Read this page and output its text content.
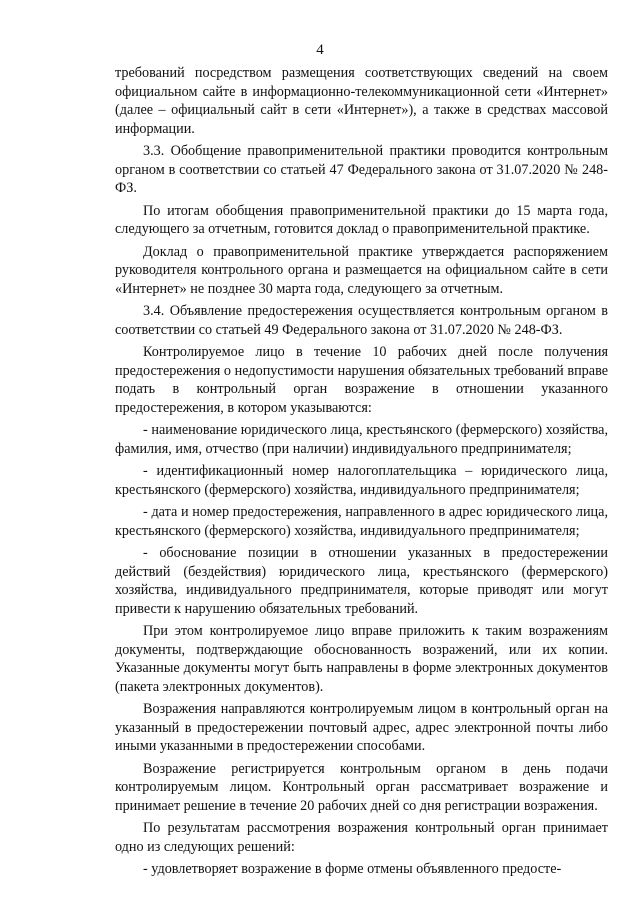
4

требований посредством размещения соответствующих сведений на своем официальном сайте в информационно-телекоммуникационной сети «Интернет» (далее – официальный сайт в сети «Интернет»), а также в средствах массовой информации.

3.3. Обобщение правоприменительной практики проводится контрольным органом в соответствии со статьей 47 Федерального закона от 31.07.2020 № 248-ФЗ.

По итогам обобщения правоприменительной практики до 15 марта года, следующего за отчетным, готовится доклад о правоприменительной практике.

Доклад о правоприменительной практике утверждается распоряжением руководителя контрольного органа и размещается на официальном сайте в сети «Интернет» не позднее 30 марта года, следующего за отчетным.

3.4. Объявление предостережения осуществляется контрольным органом в соответствии со статьей 49 Федерального закона от 31.07.2020 № 248-ФЗ.

Контролируемое лицо в течение 10 рабочих дней после получения предостережения о недопустимости нарушения обязательных требований вправе подать в контрольный орган возражение в отношении указанного предостережения, в котором указываются:

- наименование юридического лица, крестьянского (фермерского) хозяйства, фамилия, имя, отчество (при наличии) индивидуального предпринимателя;

- идентификационный номер налогоплательщика – юридического лица, крестьянского (фермерского) хозяйства, индивидуального предпринимателя;

- дата и номер предостережения, направленного в адрес юридического лица, крестьянского (фермерского) хозяйства, индивидуального предпринимателя;

- обоснование позиции в отношении указанных в предостережении действий (бездействия) юридического лица, крестьянского (фермерского) хозяйства, индивидуального предпринимателя, которые приводят или могут привести к нарушению обязательных требований.

При этом контролируемое лицо вправе приложить к таким возражениям документы, подтверждающие обоснованность возражений, или их копии. Указанные документы могут быть направлены в форме электронных документов (пакета электронных документов).

Возражения направляются контролируемым лицом в контрольный орган на указанный в предостережении почтовый адрес, адрес электронной почты либо иными указанными в предостережении способами.

Возражение регистрируется контрольным органом в день подачи контролируемым лицом. Контрольный орган рассматривает возражение и принимает решение в течение 20 рабочих дней со дня регистрации возражения.

По результатам рассмотрения возражения контрольный орган принимает одно из следующих решений:

- удовлетворяет возражение в форме отмены объявленного предосте-
